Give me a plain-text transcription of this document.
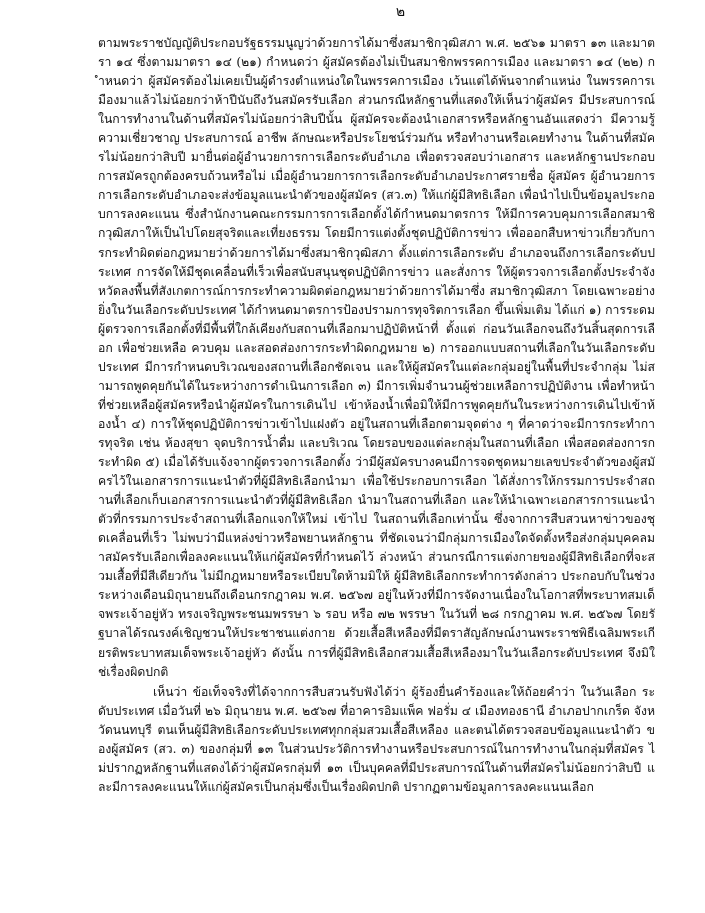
๒

ตามพระราชบัญญัติประกอบรัฐธรรมนูญว่าด้วยการได้มาซึ่งสมาชิกวุฒิสภา พ.ศ. ๒๕๖๑ มาตรา ๑๓ และมาตรา ๑๔ ซึ่งตามมาตรา ๑๔ (๒๑) กำหนดว่า ผู้สมัครต้องไม่เป็นสมาชิกพรรคการเมือง และมาตรา ๑๔ (๒๒) กำหนดว่า ผู้สมัครต้องไม่เคยเป็นผู้ดำรงตำแหน่งใดในพรรคการเมือง เว้นแต่ได้พ้นจากตำแหน่ง ในพรรคการเมืองมาแล้วไม่น้อยกว่าห้าปีนับถึงวันสมัครรับเลือก ส่วนกรณีหลักฐานที่แสดงให้เห็นว่าผู้สมัคร มีประสบการณ์ในการทำงานในด้านที่สมัครไม่น้อยกว่าสิบปีนั้น ผู้สมัครจะต้องนำเอกสารหรือหลักฐานอันแสดงว่า มีความรู้ ความเชี่ยวชาญ ประสบการณ์ อาชีพ ลักษณะหรือประโยชน์ร่วมกัน หรือทำงานหรือเคยทำงาน ในด้านที่สมัครไม่น้อยกว่าสิบปี มายื่นต่อผู้อำนวยการการเลือกระดับอำเภอ เพื่อตรวจสอบว่าเอกสาร และหลักฐานประกอบการสมัครถูกต้องครบถ้วนหรือไม่ เมื่อผู้อำนวยการการเลือกระดับอำเภอประกาศรายชื่อ ผู้สมัคร ผู้อำนวยการการเลือกระดับอำเภอจะส่งข้อมูลแนะนำตัวของผู้สมัคร (สว.๓) ให้แก่ผู้มีสิทธิเลือก เพื่อนำไปเป็นข้อมูลประกอบการลงคะแนน ซึ่งสำนักงานคณะกรรมการการเลือกตั้งได้กำหนดมาตรการ ให้มีการควบคุมการเลือกสมาชิกวุฒิสภาให้เป็นไปโดยสุจริตและเที่ยงธรรม โดยมีการแต่งตั้งชุดปฏิบัติการข่าว เพื่อออกสืบหาข่าวเกี่ยวกับการกระทำผิดต่อกฎหมายว่าด้วยการได้มาซึ่งสมาชิกวุฒิสภา ตั้งแต่การเลือกระดับ อำเภอจนถึงการเลือกระดับประเทศ การจัดให้มีชุดเคลื่อนที่เร็วเพื่อสนับสนุนชุดปฏิบัติการข่าว และสั่งการ ให้ผู้ตรวจการเลือกตั้งประจำจังหวัดลงพื้นที่สังเกตการณ์การกระทำความผิดต่อกฎหมายว่าด้วยการได้มาซึ่ง สมาชิกวุฒิสภา โดยเฉพาะอย่างยิ่งในวันเลือกระดับประเทศ ได้กำหนดมาตรการป้องปรามการทุจริตการเลือก ขึ้นเพิ่มเติม ได้แก่ ๑) การระดมผู้ตรวจการเลือกตั้งที่มีพื้นที่ใกล้เคียงกับสถานที่เลือกมาปฏิบัติหน้าที่ ตั้งแต่ ก่อนวันเลือกจนถึงวันสิ้นสุดการเลือก เพื่อช่วยเหลือ ควบคุม และสอดส่องการกระทำผิดกฎหมาย ๒) การออกแบบสถานที่เลือกในวันเลือกระดับประเทศ มีการกำหนดบริเวณของสถานที่เลือกชัดเจน และให้ผู้สมัครในแต่ละกลุ่มอยู่ในพื้นที่ประจำกลุ่ม ไม่สามารถพูดคุยกันได้ในระหว่างการดำเนินการเลือก ๓) มีการเพิ่มจำนวนผู้ช่วยเหลือการปฏิบัติงาน เพื่อทำหน้าที่ช่วยเหลือผู้สมัครหรือนำผู้สมัครในการเดินไป เข้าห้องน้ำเพื่อมิให้มีการพูดคุยกันในระหว่างการเดินไปเข้าห้องน้ำ ๔) การให้ชุดปฏิบัติการข่าวเข้าไปแฝงตัว อยู่ในสถานที่เลือกตามจุดต่าง ๆ ที่คาดว่าจะมีการกระทำการทุจริต เช่น ห้องสุขา จุดบริการน้ำดื่ม และบริเวณ โดยรอบของแต่ละกลุ่มในสถานที่เลือก เพื่อสอดส่องการกระทำผิด ๕) เมื่อได้รับแจ้งจากผู้ตรวจการเลือกตั้ง ว่ามีผู้สมัครบางคนมีการจดชุดหมายเลขประจำตัวของผู้สมัครไว้ในเอกสารการแนะนำตัวที่ผู้มีสิทธิเลือกนำมา เพื่อใช้ประกอบการเลือก ได้สั่งการให้กรรมการประจำสถานที่เลือกเก็บเอกสารการแนะนำตัวที่ผู้มีสิทธิเลือก นำมาในสถานที่เลือก และให้นำเฉพาะเอกสารการแนะนำตัวที่กรรมการประจำสถานที่เลือกแจกให้ใหม่ เข้าไป ในสถานที่เลือกเท่านั้น ซึ่งจากการสืบสวนหาข่าวของชุดเคลื่อนที่เร็ว ไม่พบว่ามีแหล่งข่าวหรือพยานหลักฐาน ที่ชัดเจนว่ามีกลุ่มการเมืองใดจัดตั้งหรือส่งกลุ่มบุคคลมาสมัครรับเลือกเพื่อลงคะแนนให้แก่ผู้สมัครที่กำหนดไว้ ล่วงหน้า ส่วนกรณีการแต่งกายของผู้มีสิทธิเลือกที่จะสวมเสื้อที่มีสีเดียวกัน ไม่มีกฎหมายหรือระเบียบใดห้ามมิให้ ผู้มีสิทธิเลือกกระทำการดังกล่าว ประกอบกับในช่วงระหว่างเดือนมิถุนายนถึงเดือนกรกฎาคม พ.ศ. ๒๕๖๗ อยู่ในห้วงที่มีการจัดงานเนื่องในโอกาสที่พระบาทสมเด็จพระเจ้าอยู่หัว ทรงเจริญพระชนมพรรษา ๖ รอบ หรือ ๗๒ พรรษา ในวันที่ ๒๘ กรกฎาคม พ.ศ. ๒๕๖๗ โดยรัฐบาลได้รณรงค์เชิญชวนให้ประชาชนแต่งกาย ด้วยเสื้อสีเหลืองที่มีตราสัญลักษณ์งานพระราชพิธีเฉลิมพระเกียรติพระบาทสมเด็จพระเจ้าอยู่หัว ดังนั้น การที่ผู้มีสิทธิเลือกสวมเสื้อสีเหลืองมาในวันเลือกระดับประเทศ จึงมิใช่เรื่องผิดปกติ

เห็นว่า ข้อเท็จจริงที่ได้จากการสืบสวนรับฟังได้ว่า ผู้ร้องยื่นคำร้องและให้ถ้อยคำว่า ในวันเลือก ระดับประเทศ เมื่อวันที่ ๒๖ มิถุนายน พ.ศ. ๒๕๖๗ ที่อาคารอิมแพ็ค ฟอรั่ม ๔ เมืองทองธานี อำเภอปากเกร็ด จังหวัดนนทบุรี ตนเห็นผู้มีสิทธิเลือกระดับประเทศทุกกลุ่มสวมเสื้อสีเหลือง และตนได้ตรวจสอบข้อมูลแนะนำตัว ของผู้สมัคร (สว. ๓) ของกลุ่มที่ ๑๓ ในส่วนประวัติการทำงานหรือประสบการณ์ในการทำงานในกลุ่มที่สมัคร ไม่ปรากฏหลักฐานที่แสดงได้ว่าผู้สมัครกลุ่มที่ ๑๓ เป็นบุคคลที่มีประสบการณ์ในด้านที่สมัครไม่น้อยกว่าสิบปี และมีการลงคะแนนให้แก่ผู้สมัครเป็นกลุ่มซึ่งเป็นเรื่องผิดปกติ ปรากฏตามข้อมูลการลงคะแนนเลือก
